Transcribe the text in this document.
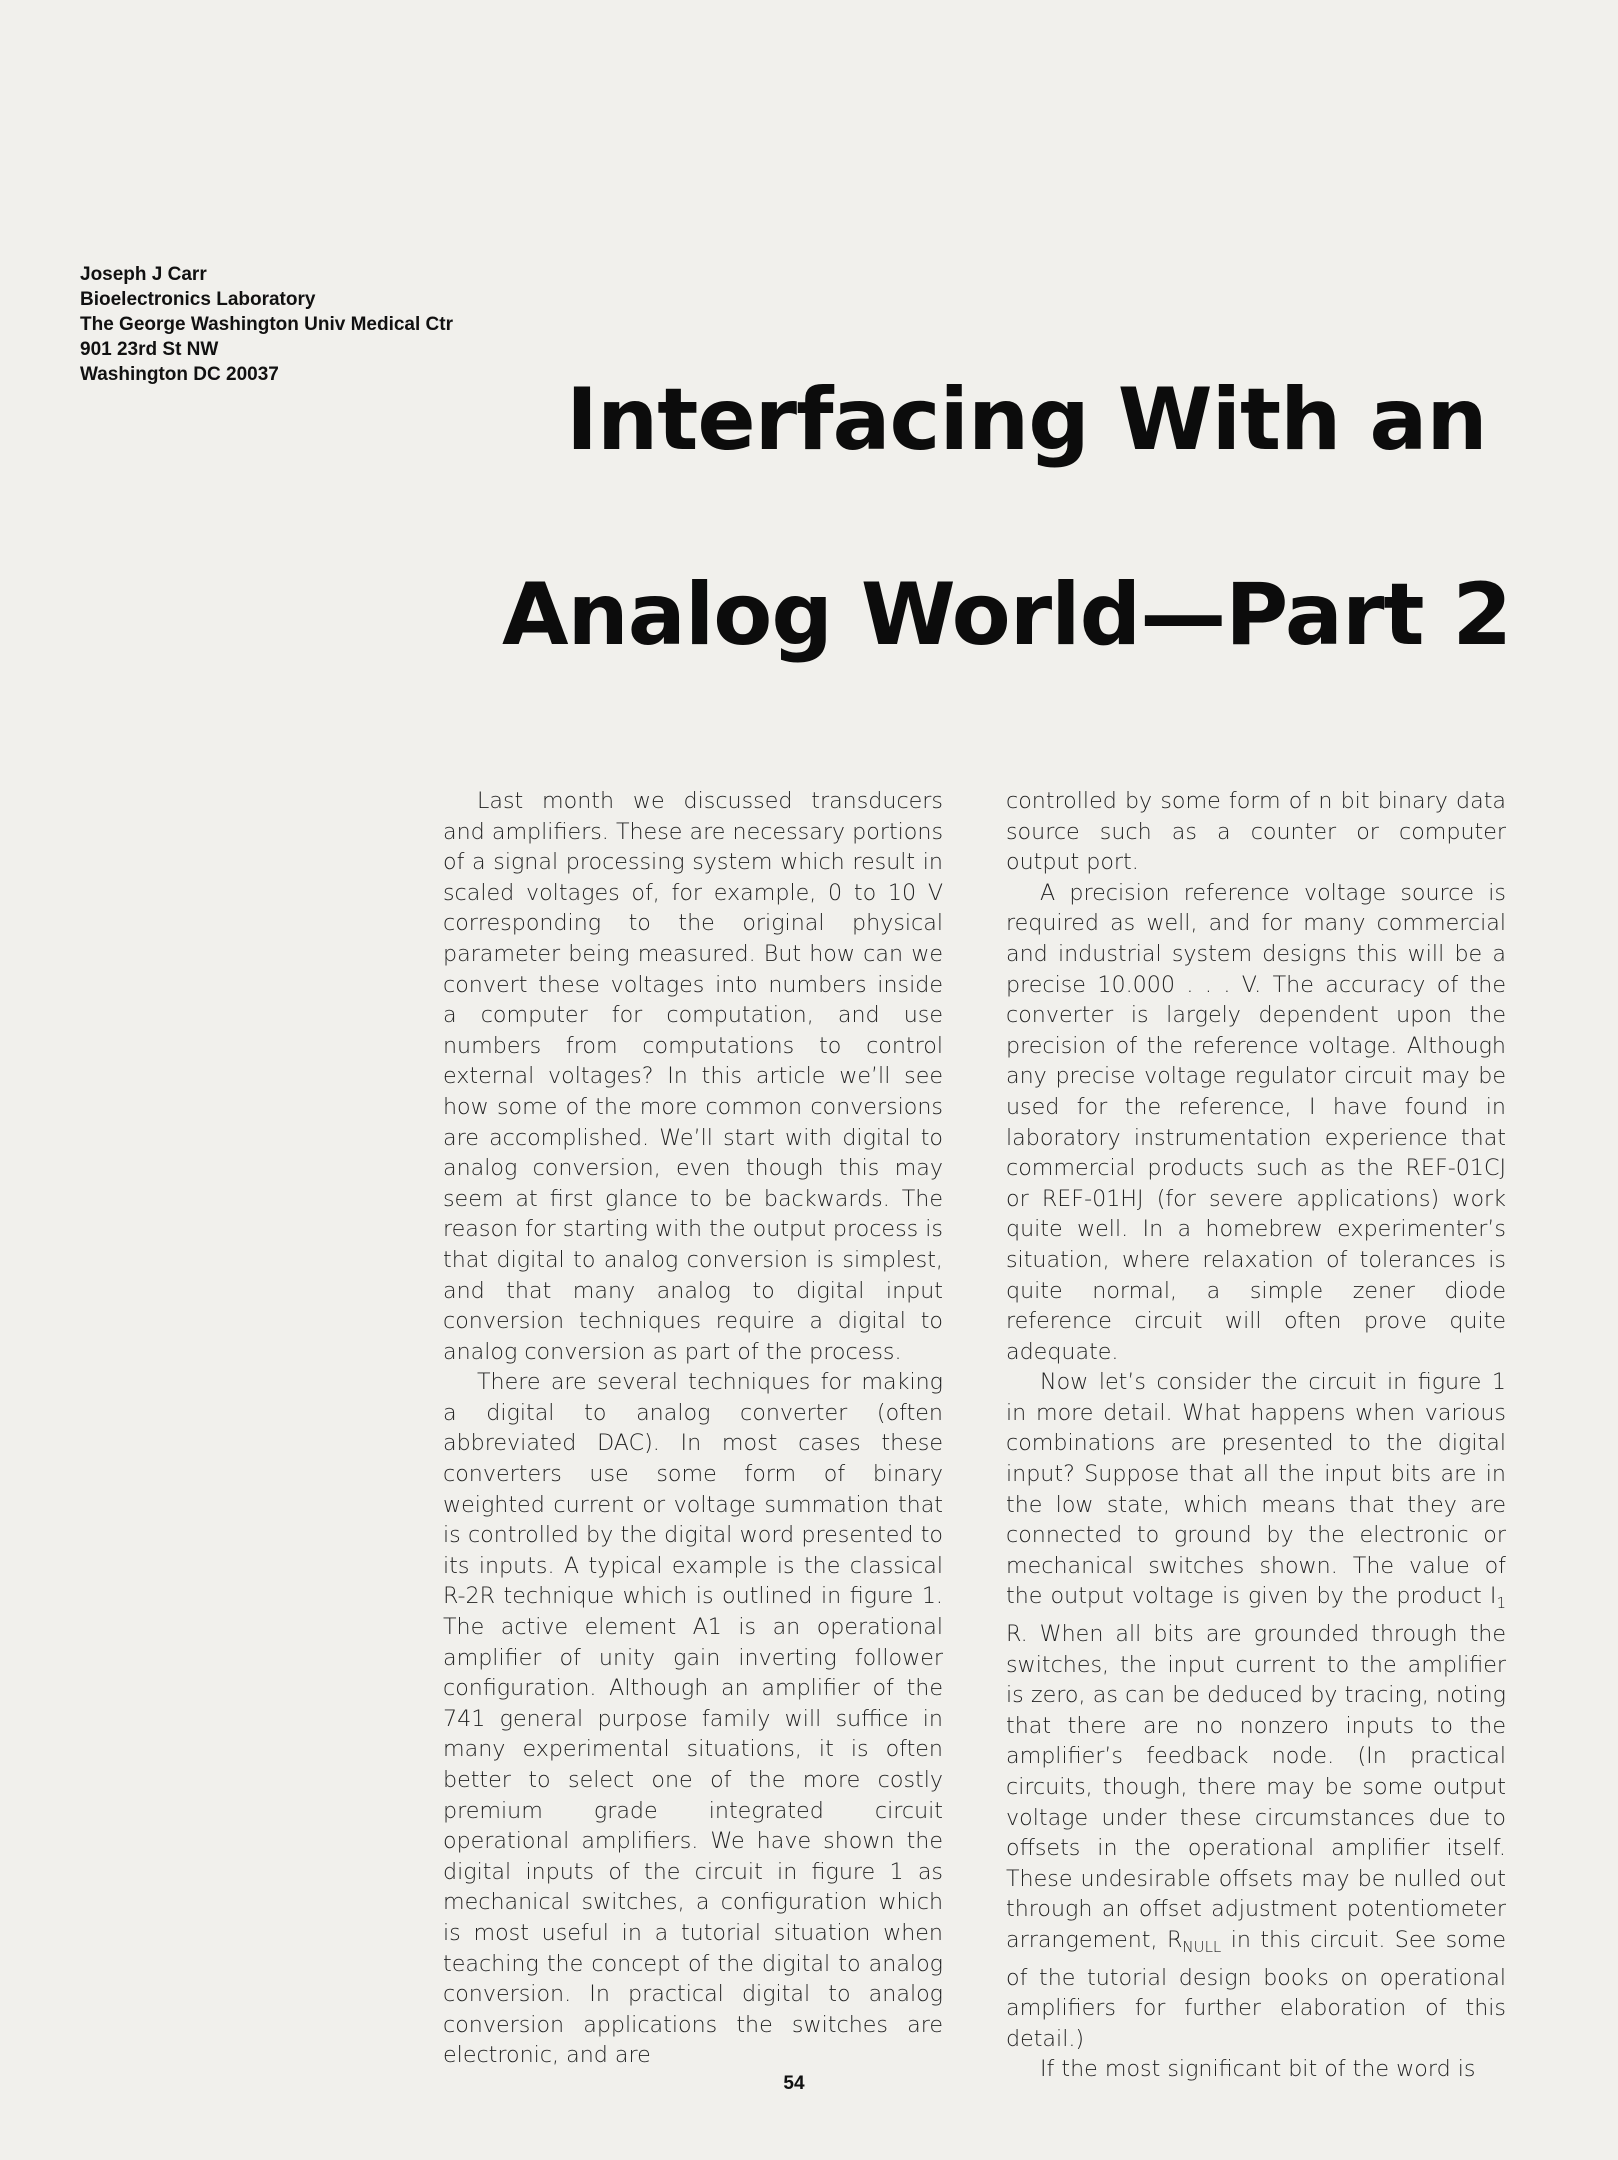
Joseph J Carr
Bioelectronics Laboratory
The George Washington Univ Medical Ctr
901 23rd St NW
Washington DC 20037	Interfacing With an
Analog World—Part 2

Last month we discussed transducers and amplifiers. These are necessary portions of a signal processing system which result in scaled voltages of, for example, 0 to 10 V corresponding to the original physical parameter being measured. But how can we convert these voltages into numbers inside a computer for computation, and use numbers from computations to control external voltages? In this article we’ll see how some of the more common conversions are accomplished. We’ll start with digital to analog conversion, even though this may seem at first glance to be backwards. The reason for starting with the output process is that digital to analog conversion is simplest, and that many analog to digital input conversion techniques require a digital to analog conversion as part of the process.

There are several techniques for making a digital to analog converter (often abbreviated DAC). In most cases these converters use some form of binary weighted current or voltage summation that is controlled by the digital word presented to its inputs. A typical example is the classical R-2R technique which is outlined in figure 1. The active element A1 is an operational amplifier of unity gain inverting follower configuration. Although an amplifier of the 741 general purpose family will suffice in many experimental situations, it is often better to select one of the more costly premium grade integrated circuit operational amplifiers. We have shown the digital inputs of the circuit in figure 1 as mechanical switches, a configuration which is most useful in a tutorial situation when teaching the concept of the digital to analog conversion. In practical digital to analog conversion applications the switches are electronic, and are

controlled by some form of n bit binary data source such as a counter or computer output port.

A precision reference voltage source is required as well, and for many commercial and industrial system designs this will be a precise 10.000 . . . V. The accuracy of the converter is largely dependent upon the precision of the reference voltage. Although any precise voltage regulator circuit may be used for the reference, I have found in laboratory instrumentation experience that commercial products such as the REF-01CJ or REF-01HJ (for severe applications) work quite well. In a homebrew experimenter’s situation, where relaxation of tolerances is quite normal, a simple zener diode reference circuit will often prove quite adequate.

Now let’s consider the circuit in figure 1 in more detail. What happens when various combinations are presented to the digital input? Suppose that all the input bits are in the low state, which means that they are connected to ground by the electronic or mechanical switches shown. The value of the output voltage is given by the product $I_1$ R. When all bits are grounded through the switches, the input current to the amplifier is zero, as can be deduced by tracing, noting that there are no nonzero inputs to the amplifier’s feedback node. (In practical circuits, though, there may be some output voltage under these circumstances due to offsets in the operational amplifier itself. These undesirable offsets may be nulled out through an offset adjustment potentiometer arrangement, $R_{NULL}$ in this circuit. See some of the tutorial design books on operational amplifiers for further elaboration of this detail.)

If the most significant bit of the word is

54
